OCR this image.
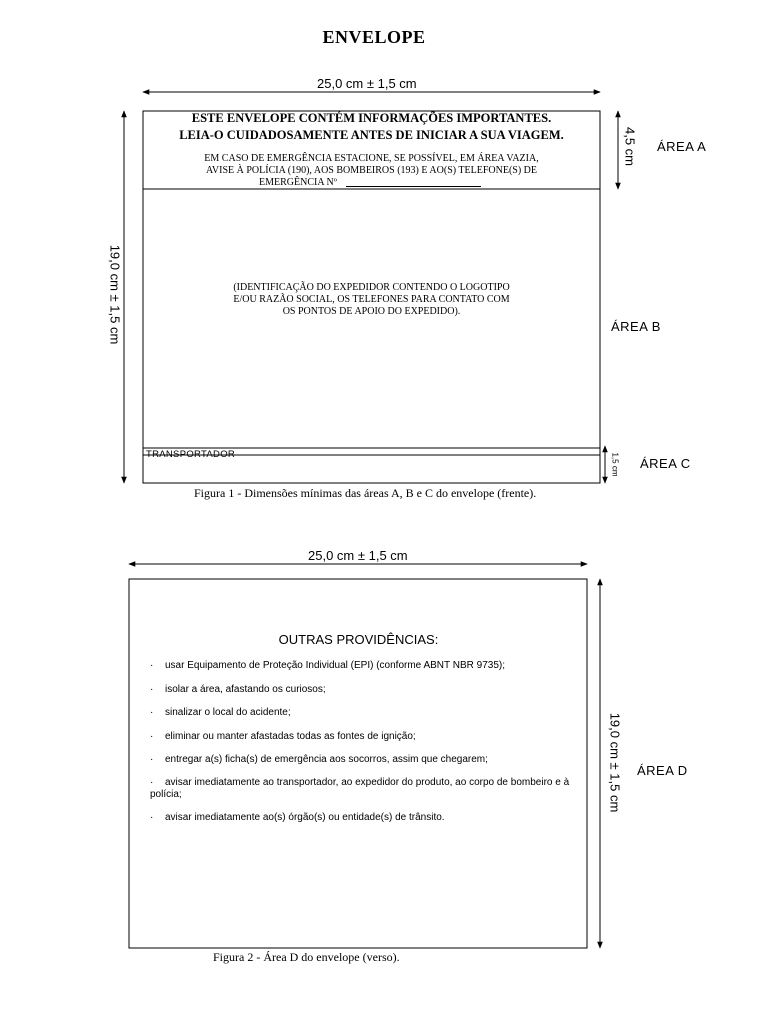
ENVELOPE
25,0 cm ± 1,5 cm
19,0 cm ± 1,5 cm
4,5 cm
1,5 cm
ÁREA A
ÁREA B
ÁREA C
ESTE ENVELOPE CONTÉM INFORMAÇÕES IMPORTANTES.
LEIA-O CUIDADOSAMENTE ANTES DE INICIAR A SUA VIAGEM.
EM CASO DE EMERGÊNCIA ESTACIONE, SE POSSÍVEL, EM ÁREA VAZIA,
AVISE À POLÍCIA (190), AOS BOMBEIROS (193) E AO(S) TELEFONE(S) DE
EMERGÊNCIA Nº
(IDENTIFICAÇÃO DO EXPEDIDOR CONTENDO O LOGOTIPO
E/OU RAZÃO SOCIAL, OS TELEFONES PARA CONTATO COM
OS PONTOS DE APOIO DO EXPEDIDO).
TRANSPORTADOR
Figura 1 - Dimensões mínimas das áreas A, B e C do envelope (frente).
25,0 cm ± 1,5 cm
19,0 cm ± 1,5 cm ÁREA D
OUTRAS PROVIDÊNCIAS:
· usar Equipamento de Proteção Individual (EPI) (conforme ABNT NBR 9735);
· isolar a área, afastando os curiosos;
· sinalizar o local do acidente;
· eliminar ou manter afastadas todas as fontes de ignição;
· entregar a(s) ficha(s) de emergência aos socorros, assim que chegarem;
· avisar imediatamente ao transportador, ao expedidor do produto, ao corpo de bombeiro e à polícia;
· avisar imediatamente ao(s) órgão(s) ou entidade(s) de trânsito.
Figura 2 - Área D do envelope (verso).
